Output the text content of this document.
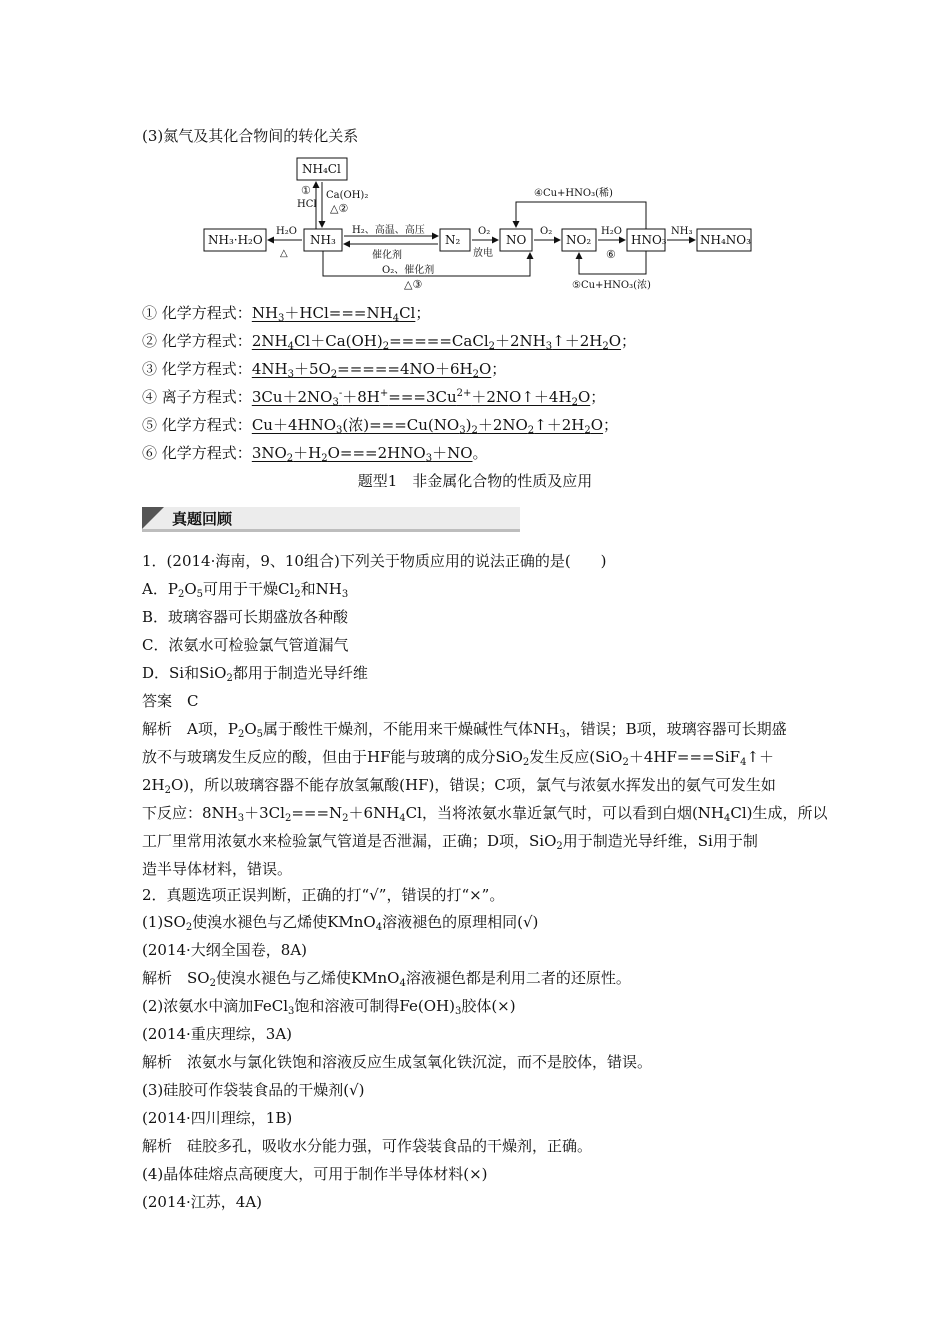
(3)氮气及其化合物间的转化关系
NH₄Cl
NH₃·H₂O	NH₃	N₂	NO	NO₂	HNO₃	NH₄NO₃
①
HCl
Ca(OH)₂
△②
H₂O
△
H₂、高温、高压
催化剂
O₂
放电
O₂	H₂O
⑥
NH₃
O₂、催化剂
△③
④Cu+HNO₃(稀)
⑤Cu+HNO₃(浓)
① 化学方程式：$NH_3+HCl===NH_4Cl$；
② 化学方程式：$2NH_4Cl+Ca(OH)_2=====CaCl_2+2NH_3↑+2H_2O$；
③ 化学方程式：$4NH_3+5O_2=====4NO+6H_2O$；
④ 离子方程式：$3Cu+2NO_3^-+8H^+===3Cu^{2+}+2NO↑+4H_2O$；
⑤ 化学方程式：$Cu+4HNO_3$(浓)$===Cu(NO_3)_2+2NO_2↑+2H_2O$；
⑥ 化学方程式：$3NO_2+H_2O===2HNO_3+NO$。
题型1　非金属化合物的性质及应用
真题回顾
1．(2014·海南，9、10组合)下列关于物质应用的说法正确的是(　　)
A．$P_2O_5$可用于干燥$Cl_2$和$NH_3$
B．玻璃容器可长期盛放各种酸
C．浓氨水可检验氯气管道漏气
D．Si和SiO$_2$都用于制造光导纤维
答案　C
解析　A项，$P_2O_5$属于酸性干燥剂，不能用来干燥碱性气体$NH_3$，错误；B项，玻璃容器可长期盛
放不与玻璃发生反应的酸，但由于HF能与玻璃的成分SiO$_2$发生反应(SiO$_2$＋4HF===SiF$_4$↑＋
$2H_2O$)，所以玻璃容器不能存放氢氟酸(HF)，错误；C项，氯气与浓氨水挥发出的氨气可发生如
下反应：$8NH_3+3Cl_2===N_2+6NH_4Cl$，当将浓氨水靠近氯气时，可以看到白烟$(NH_4Cl)$生成，所以
工厂里常用浓氨水来检验氯气管道是否泄漏，正确；D项，SiO$_2$用于制造光导纤维，Si用于制
造半导体材料，错误。
2．真题选项正误判断，正确的打“√”，错误的打“×”。
$(1)SO_2$使溴水褪色与乙烯使KMnO$_4$溶液褪色的原理相同(√)
(2014·大纲全国卷，8A)
解析　$SO_2$使溴水褪色与乙烯使KMnO$_4$溶液褪色都是利用二者的还原性。
(2)浓氨水中滴加FeCl$_3$饱和溶液可制得$Fe(OH)_3$胶体(×)
(2014·重庆理综，3A)
解析　浓氨水与氯化铁饱和溶液反应生成氢氧化铁沉淀，而不是胶体，错误。
(3)硅胶可作袋装食品的干燥剂(√)
(2014·四川理综，1B)
解析　硅胶多孔，吸收水分能力强，可作袋装食品的干燥剂，正确。
(4)晶体硅熔点高硬度大，可用于制作半导体材料(×)
(2014·江苏，4A)
